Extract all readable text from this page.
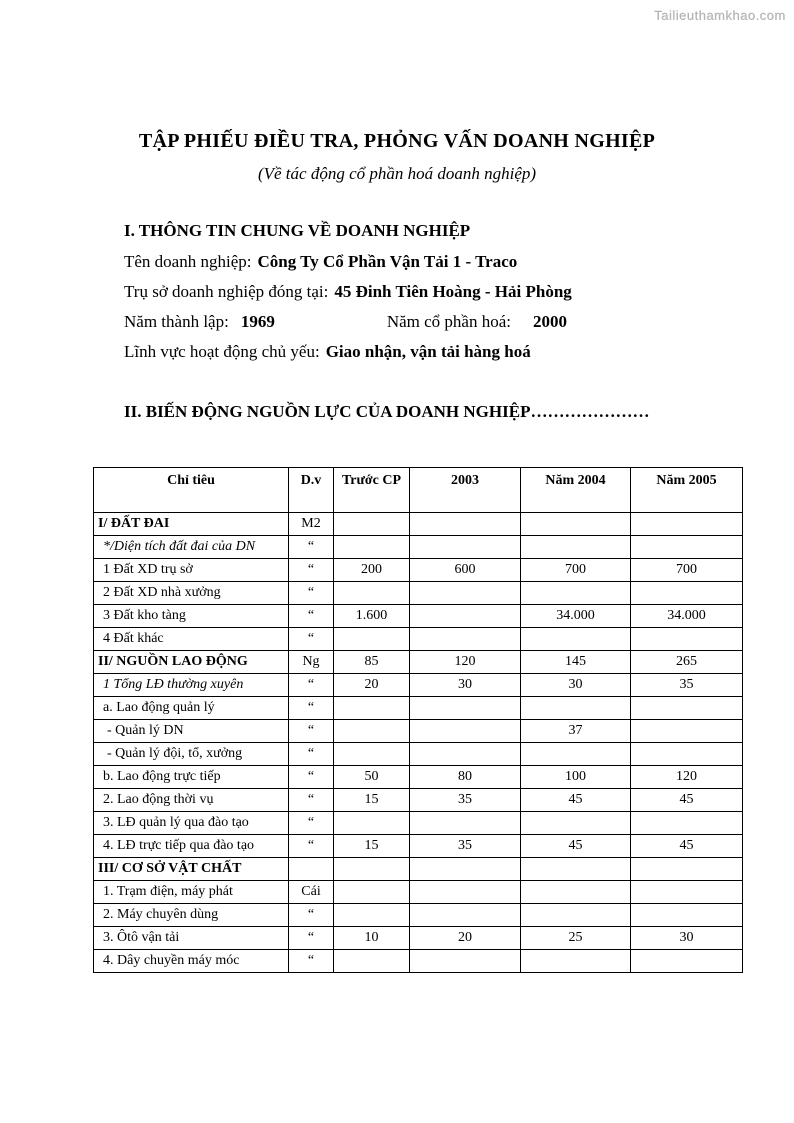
Tailieuthamkhao.com
TẬP PHIẾU ĐIỀU TRA, PHỎNG VẤN DOANH NGHIỆP
(Về tác động cổ phần hoá doanh nghiệp)
I. THÔNG TIN CHUNG VỀ DOANH NGHIỆP
Tên doanh nghiệp: Công Ty Cổ Phần Vận Tải 1 - Traco
Trụ sở doanh nghiệp đóng tại: 45 Đinh Tiên Hoàng - Hải Phòng
Năm thành lập: 1969	Năm cổ phần hoá: 2000
Lĩnh vực hoạt động chủ yếu: Giao nhận, vận tải hàng hoá
II. BIẾN ĐỘNG NGUỒN LỰC CỦA DOANH NGHIỆP…………………
Chỉ tiêu	D.v	Trước CP	2003	Năm 2004	Năm 2005
I/ ĐẤT ĐAI	M2				
*/Diện tích đất đai của DN	“				
1 Đất XD trụ sở	“	200	600	700	700
2 Đất XD nhà xưởng	“				
3 Đất kho tàng	“	1.600		34.000	34.000
4 Đất khác	“				
II/ NGUỒN LAO ĐỘNG	Ng	85	120	145	265
1 Tổng LĐ thường xuyên	“	20	30	30	35
a. Lao động quản lý	“				
- Quản lý DN	“			37	
- Quản lý đội, tổ, xưởng	“				
b. Lao động trực tiếp	“	50	80	100	120
2. Lao động thời vụ	“	15	35	45	45
3. LĐ quản lý qua đào tạo	“				
4. LĐ trực tiếp qua đào tạo	“	15	35	45	45
III/ CƠ SỞ VẬT CHẤT					
1. Trạm điện, máy phát	Cái				
2. Máy chuyên dùng	“				
3. Ôtô vận tải	“	10	20	25	30
4. Dây chuyền máy móc	“				
